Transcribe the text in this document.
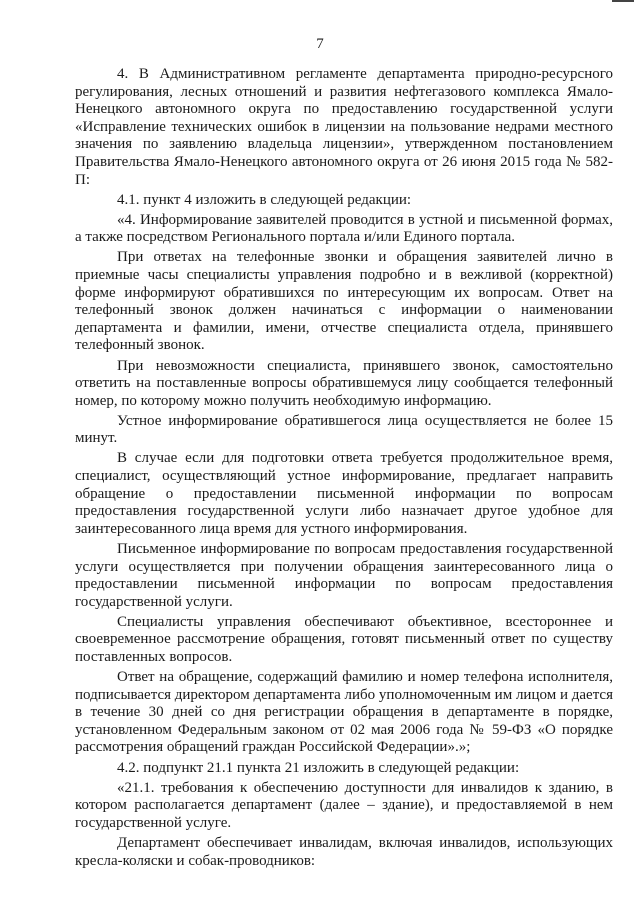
7

4. В Административном регламенте департамента природно-ресурсного регулирования, лесных отношений и развития нефтегазового комплекса Ямало-Ненецкого автономного округа по предоставлению государственной услуги «Исправление технических ошибок в лицензии на пользование недрами местного значения по заявлению владельца лицензии», утвержденном постановлением Правительства Ямало-Ненецкого автономного округа от 26 июня 2015 года № 582-П:

4.1. пункт 4 изложить в следующей редакции:

«4. Информирование заявителей проводится в устной и письменной формах, а также посредством Регионального портала и/или Единого портала.

При ответах на телефонные звонки и обращения заявителей лично в приемные часы специалисты управления подробно и в вежливой (корректной) форме информируют обратившихся по интересующим их вопросам. Ответ на телефонный звонок должен начинаться с информации о наименовании департамента и фамилии, имени, отчестве специалиста отдела, принявшего телефонный звонок.

При невозможности специалиста, принявшего звонок, самостоятельно ответить на поставленные вопросы обратившемуся лицу сообщается телефонный номер, по которому можно получить необходимую информацию.

Устное информирование обратившегося лица осуществляется не более 15 минут.

В случае если для подготовки ответа требуется продолжительное время, специалист, осуществляющий устное информирование, предлагает направить обращение о предоставлении письменной информации по вопросам предоставления государственной услуги либо назначает другое удобное для заинтересованного лица время для устного информирования.

Письменное информирование по вопросам предоставления государственной услуги осуществляется при получении обращения заинтересованного лица о предоставлении письменной информации по вопросам предоставления государственной услуги.

Специалисты управления обеспечивают объективное, всестороннее и своевременное рассмотрение обращения, готовят письменный ответ по существу поставленных вопросов.

Ответ на обращение, содержащий фамилию и номер телефона исполнителя, подписывается директором департамента либо уполномоченным им лицом и дается в течение 30 дней со дня регистрации обращения в департаменте в порядке, установленном Федеральным законом от 02 мая 2006 года № 59-ФЗ «О порядке рассмотрения обращений граждан Российской Федерации».»;

4.2. подпункт 21.1 пункта 21 изложить в следующей редакции:

«21.1. требования к обеспечению доступности для инвалидов к зданию, в котором располагается департамент (далее – здание), и предоставляемой в нем государственной услуге.

Департамент обеспечивает инвалидам, включая инвалидов, использующих кресла-коляски и собак-проводников:
